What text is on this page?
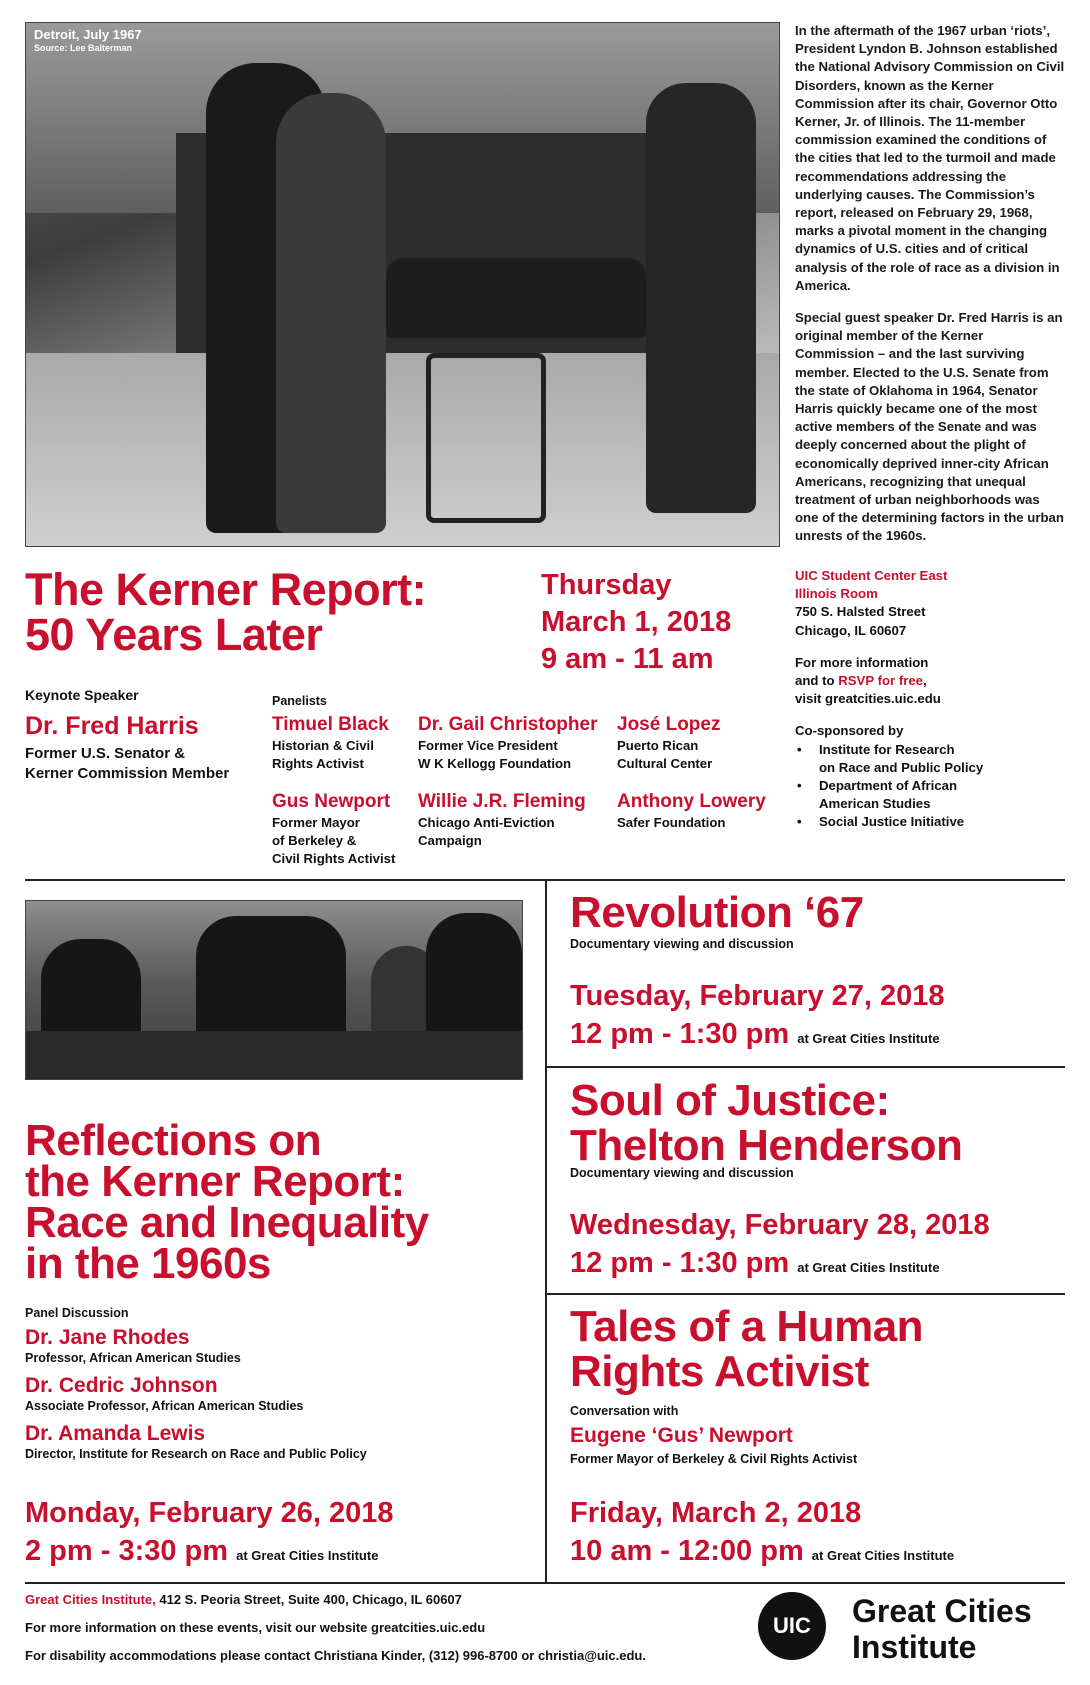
Detroit, July 1967
Source: Lee Balterman

In the aftermath of the 1967 urban ‘riots’, President Lyndon B. Johnson established the National Advisory Commission on Civil Disorders, known as the Kerner Commission after its chair, Governor Otto Kerner, Jr. of Illinois. The 11-member commission examined the conditions of the cities that led to the turmoil and made recommendations addressing the underlying causes. The Commission’s report, released on February 29, 1968, marks a pivotal moment in the changing dynamics of U.S. cities and of critical analysis of the role of race as a division in America.

Special guest speaker Dr. Fred Harris is an original member of the Kerner Commission – and the last surviving member. Elected to the U.S. Senate from the state of Oklahoma in 1964, Senator Harris quickly became one of the most active members of the Senate and was deeply concerned about the plight of economically deprived inner-city African Americans, recognizing that unequal treatment of urban neighborhoods was one of the determining factors in the urban unrests of the 1960s.

The Kerner Report:
50 Years Later
Thursday
March 1, 2018
9 am - 11 am
UIC Student Center East
Illinois Room
750 S. Halsted Street
Chicago, IL 60607
For more information
and to RSVP for free,
visit greatcities.uic.edu
Co-sponsored by
• Institute for Research
on Race and Public Policy
• Department of African
American Studies
• Social Justice Initiative
Keynote Speaker
Dr. Fred Harris
Former U.S. Senator &
Kerner Commission Member
Panelists
Timuel Black
Historian & Civil
Rights Activist
Dr. Gail Christopher
Former Vice President
W K Kellogg Foundation
José Lopez
Puerto Rican
Cultural Center
Gus Newport
Former Mayor
of Berkeley &
Civil Rights Activist
Willie J.R. Fleming
Chicago Anti-Eviction
Campaign
Anthony Lowery
Safer Foundation
Reflections on
the Kerner Report:
Race and Inequality
in the 1960s
Panel Discussion
Dr. Jane Rhodes
Professor, African American Studies
Dr. Cedric Johnson
Associate Professor, African American Studies
Dr. Amanda Lewis
Director, Institute for Research on Race and Public Policy
Monday, February 26, 2018
2 pm - 3:30 pm at Great Cities Institute
Revolution ‘67
Documentary viewing and discussion
Tuesday, February 27, 2018
12 pm - 1:30 pm at Great Cities Institute
Soul of Justice:
Thelton Henderson
Documentary viewing and discussion
Wednesday, February 28, 2018
12 pm - 1:30 pm at Great Cities Institute
Tales of a Human
Rights Activist
Conversation with
Eugene ‘Gus’ Newport
Former Mayor of Berkeley & Civil Rights Activist
Friday, March 2, 2018
10 am - 12:00 pm at Great Cities Institute
Great Cities Institute, 412 S. Peoria Street, Suite 400, Chicago, IL 60607
For more information on these events, visit our website greatcities.uic.edu
For disability accommodations please contact Christiana Kinder, (312) 996-8700 or christia@uic.edu.
UIC	Great Cities
Institute
